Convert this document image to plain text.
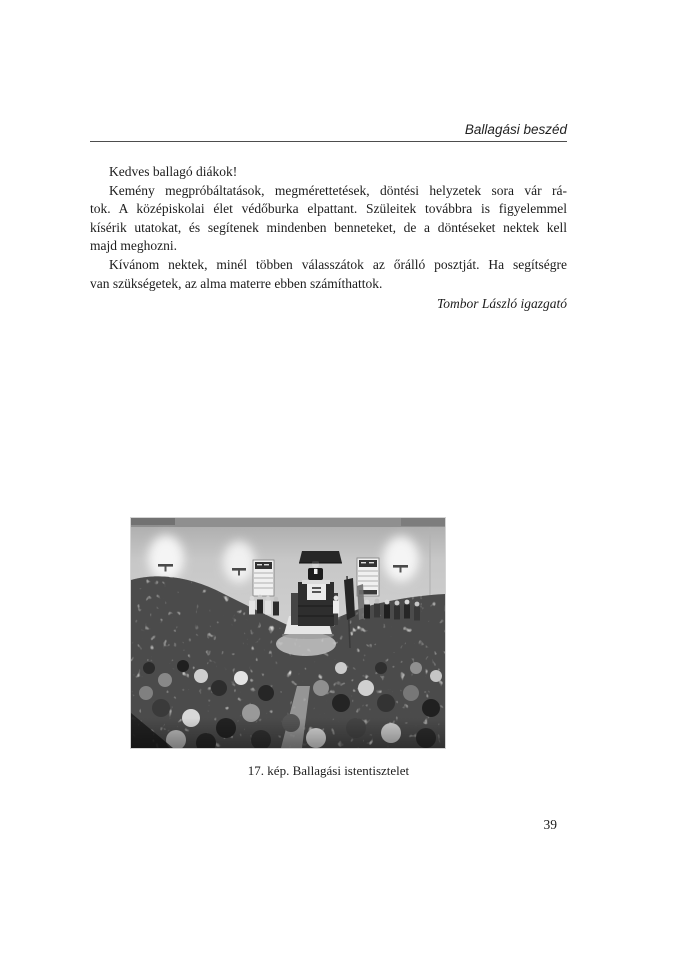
Ballagási beszéd
Kedves ballagó diákok!
Kemény megpróbáltatások, megmérettetések, döntési helyzetek sora vár rá-
tok. A középiskolai élet védőburka elpattant. Szüleitek továbbra is figyelemmel
kísérik utatokat, és segítenek mindenben benneteket, de a döntéseket nektek kell
majd meghozni.
Kívánom nektek, minél többen válasszátok az őrálló posztját. Ha segítségre
van szükségetek, az alma materre ebben számíthattok.
Tombor László igazgató
17. kép. Ballagási istentisztelet
39
